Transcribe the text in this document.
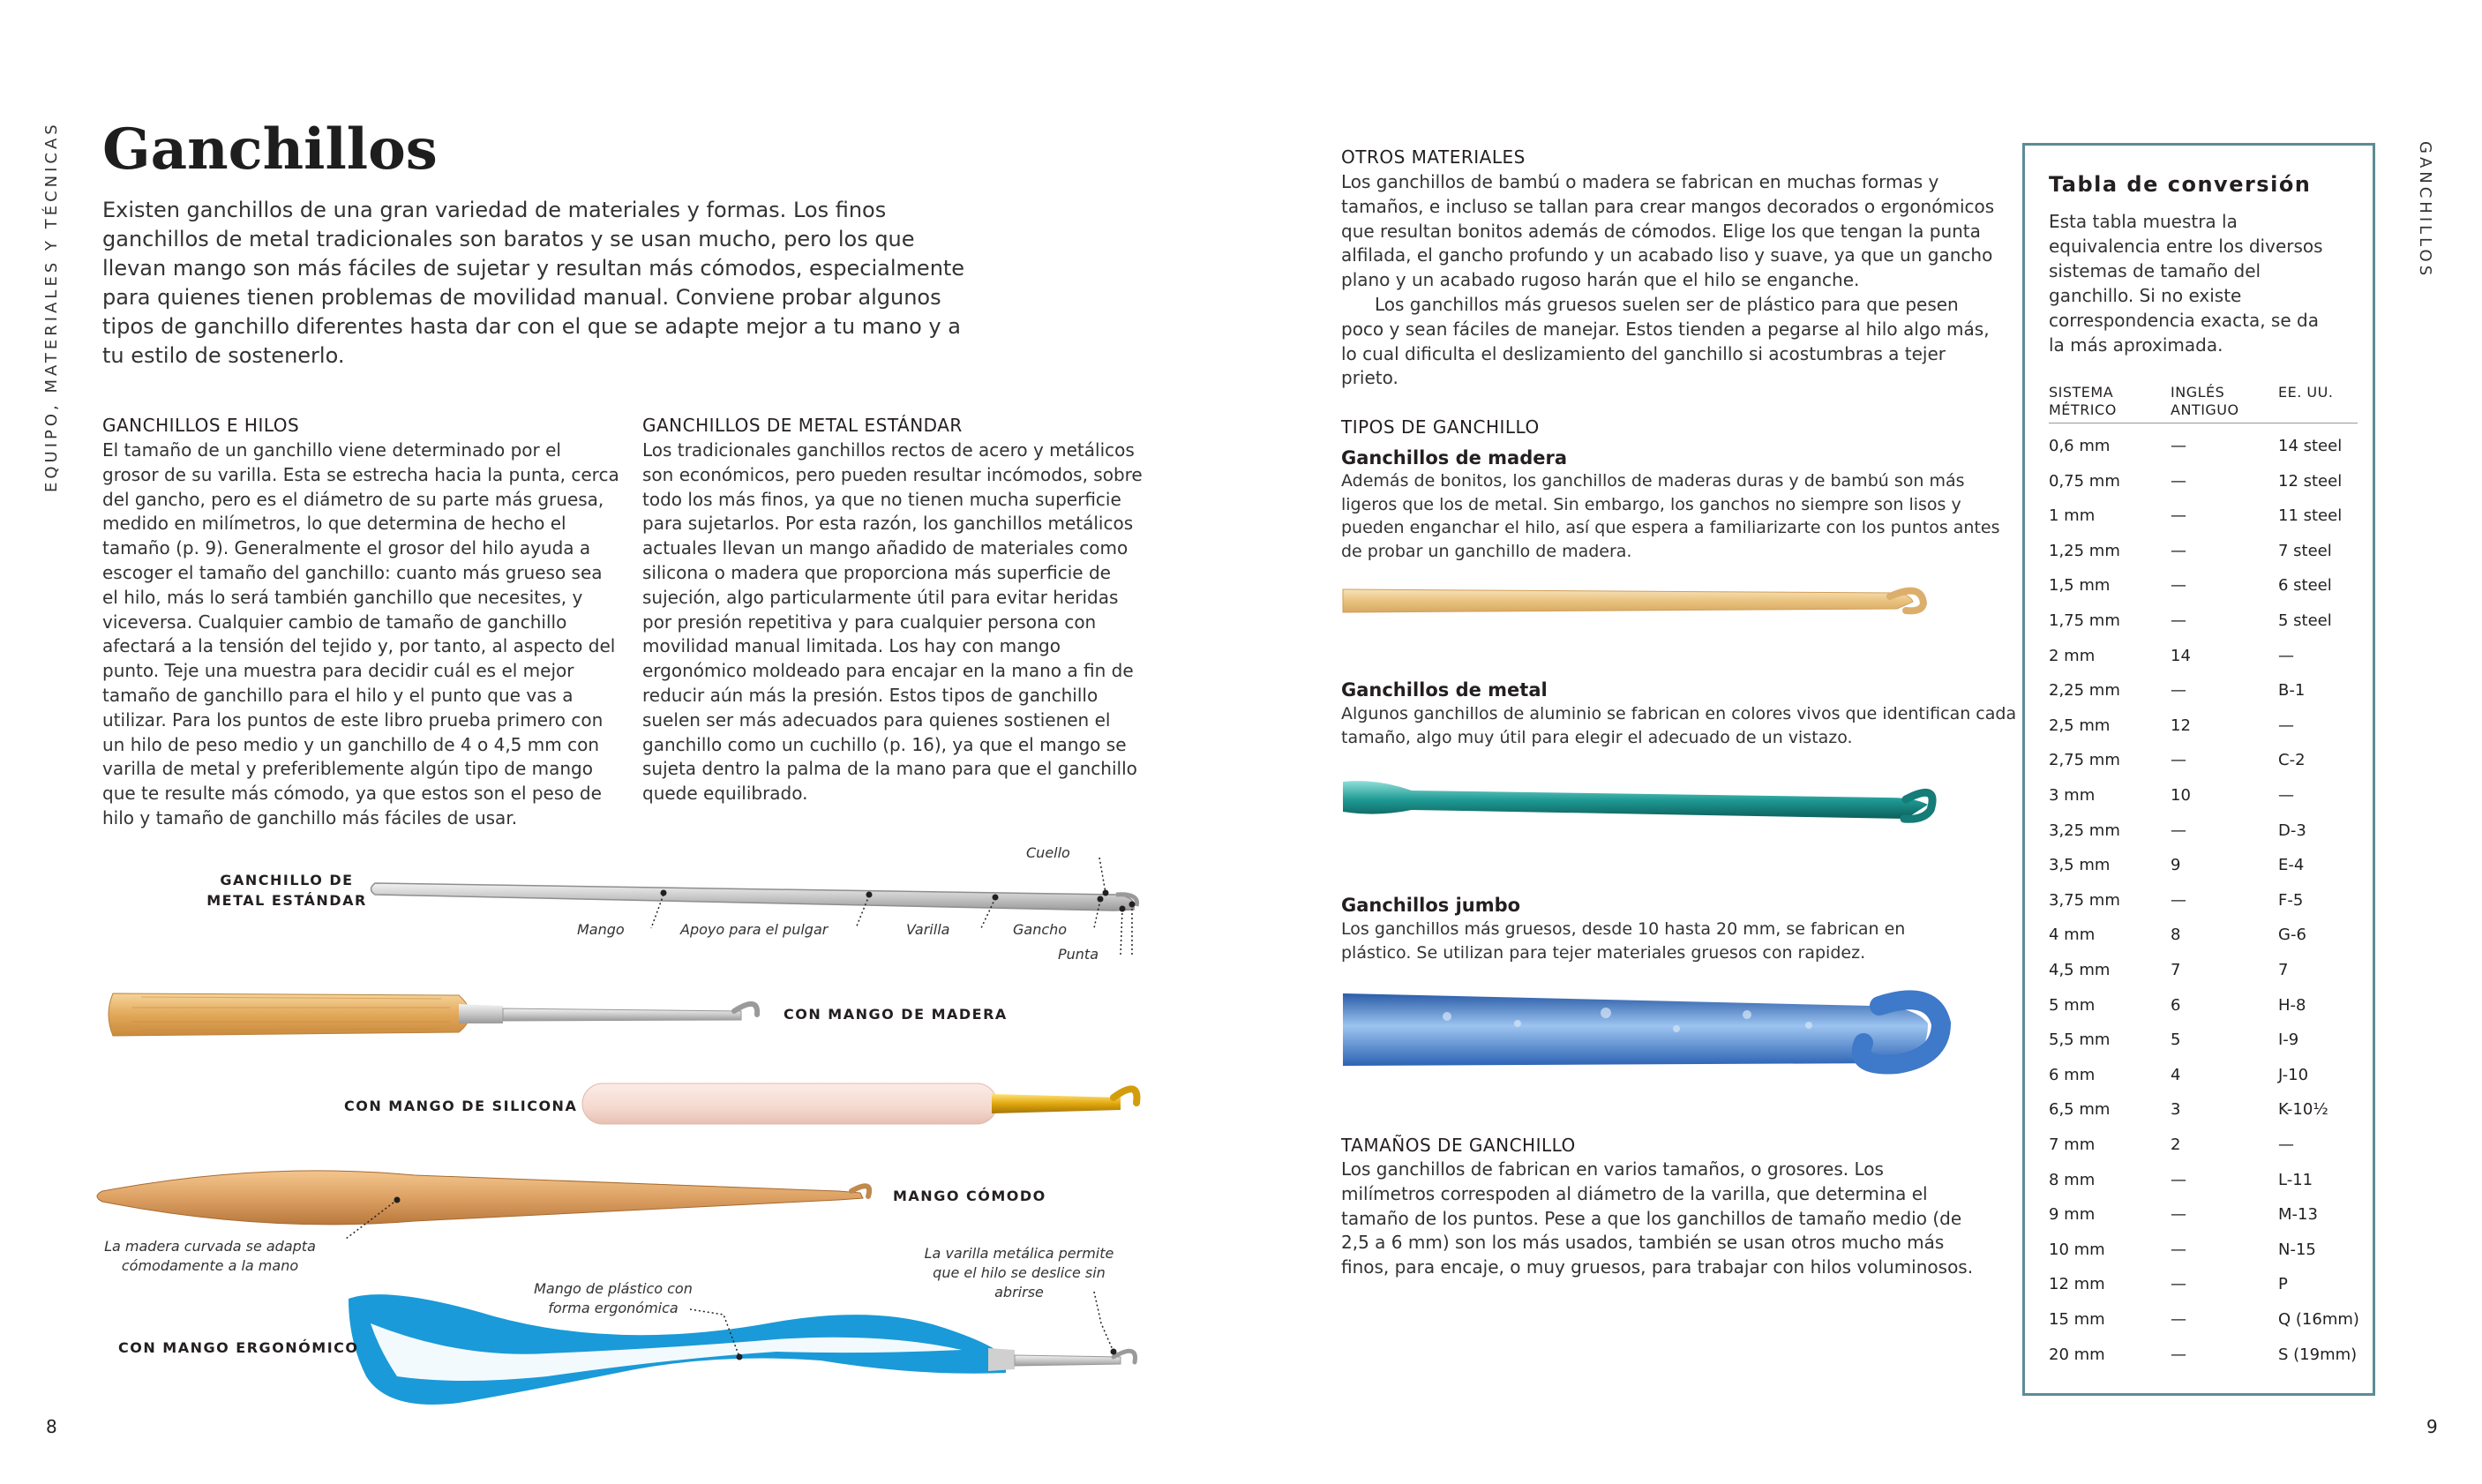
EQUIPO, MATERIALES Y TÉCNICAS	GANCHILLOS
Ganchillos

Existen ganchillos de una gran variedad de materiales y formas. Los finos ganchillos de metal tradicionales son baratos y se usan mucho, pero los que llevan mango son más fáciles de sujetar y resultan más cómodos, especialmente para quienes tienen problemas de movilidad manual. Conviene probar algunos tipos de ganchillo diferentes hasta dar con el que se adapte mejor a tu mano y a tu estilo de sostenerlo.

GANCHILLOS E HILOS

El tamaño de un ganchillo viene determinado por el grosor de su varilla. Esta se estrecha hacia la punta, cerca del gancho, pero es el diámetro de su parte más gruesa, medido en milímetros, lo que determina de hecho el tamaño (p. 9). Generalmente el grosor del hilo ayuda a escoger el tamaño del ganchillo: cuanto más grueso sea el hilo, más lo será también ganchillo que necesites, y viceversa. Cualquier cambio de tamaño de ganchillo afectará a la tensión del tejido y, por tanto, al aspecto del punto. Teje una muestra para decidir cuál es el mejor tamaño de ganchillo para el hilo y el punto que vas a utilizar. Para los puntos de este libro prueba primero con un hilo de peso medio y un ganchillo de 4 o 4,5 mm con varilla de metal y preferiblemente algún tipo de mango que te resulte más cómodo, ya que estos son el peso de hilo y tamaño de ganchillo más fáciles de usar.

GANCHILLOS DE METAL ESTÁNDAR

Los tradicionales ganchillos rectos de acero y metálicos son económicos, pero pueden resultar incómodos, sobre todo los más finos, ya que no tienen mucha superficie para sujetarlos. Por esta razón, los ganchillos metálicos actuales llevan un mango añadido de materiales como silicona o madera que proporciona más superficie de sujeción, algo particularmente útil para evitar heridas por presión repetitiva y para cualquier persona con movilidad manual limitada. Los hay con mango ergonómico moldeado para encajar en la mano a fin de reducir aún más la presión. Estos tipos de ganchillo suelen ser más adecuados para quienes sostienen el ganchillo como un cuchillo (p. 16), ya que el mango se sujeta dentro la palma de la mano para que el ganchillo quede equilibrado.

OTROS MATERIALES

Los ganchillos de bambú o madera se fabrican en muchas formas y tamaños, e incluso se tallan para crear mangos decorados o ergonómicos que resultan bonitos además de cómodos. Elige los que tengan la punta alfilada, el gancho profundo y un acabado liso y suave, ya que un gancho plano y un acabado rugoso harán que el hilo se enganche.

Los ganchillos más gruesos suelen ser de plástico para que pesen poco y sean fáciles de manejar. Estos tienden a pegarse al hilo algo más, lo cual dificulta el deslizamiento del ganchillo si acostumbras a tejer prieto.

TIPOS DE GANCHILLO
Ganchillos de madera

Además de bonitos, los ganchillos de maderas duras y de bambú son más ligeros que los de metal. Sin embargo, los ganchos no siempre son lisos y pueden enganchar el hilo, así que espera a familiarizarte con los puntos antes de probar un ganchillo de madera.

Ganchillos de metal

Algunos ganchillos de aluminio se fabrican en colores vivos que identifican cada tamaño, algo muy útil para elegir el adecuado de un vistazo.

Ganchillos jumbo

Los ganchillos más gruesos, desde 10 hasta 20 mm, se fabrican en plástico. Se utilizan para tejer materiales gruesos con rapidez.

TAMAÑOS DE GANCHILLO

Los ganchillos de fabrican en varios tamaños, o grosores. Los milímetros correspoden al diámetro de la varilla, que determina el tamaño de los puntos. Pese a que los ganchillos de tamaño medio (de 2,5 a 6 mm) son los más usados, también se usan otros mucho más finos, para encaje, o muy gruesos, para trabajar con hilos voluminosos.

GANCHILLO DE METAL ESTÁNDAR
Cuello
Mango	Apoyo para el pulgar	Varilla	Gancho
Punta
CON MANGO DE MADERA
CON MANGO DE SILICONA
MANGO CÓMODO
La madera curvada se adapta cómodamente a la mano
Mango de plástico con forma ergonómica
La varilla metálica permite que el hilo se deslice sin abrirse
CON MANGO ERGONÓMICO
Tabla de conversión

Esta tabla muestra la equivalencia entre los diversos sistemas de tamaño del ganchillo. Si no existe correspondencia exacta, se da la más aproximada.

SISTEMA MÉTRICO
INGLÉS ANTIGUO
EE. UU.
0,6 mm	—	14 steel
0,75 mm	—	12 steel
1 mm	—	11 steel
1,25 mm	—	7 steel
1,5 mm	—	6 steel
1,75 mm	—	5 steel
2 mm	14	—
2,25 mm	—	B-1
2,5 mm	12	—
2,75 mm	—	C-2
3 mm	10	—
3,25 mm	—	D-3
3,5 mm	9	E-4
3,75 mm	—	F-5
4 mm	8	G-6
4,5 mm	7	7
5 mm	6	H-8
5,5 mm	5	I-9
6 mm	4	J-10
6,5 mm	3	K-10½
7 mm	2	—
8 mm	—	L-11
9 mm	—	M-13
10 mm	—	N-15
12 mm	—	P
15 mm	—	Q (16mm)
20 mm	—	S (19mm)
8	9
